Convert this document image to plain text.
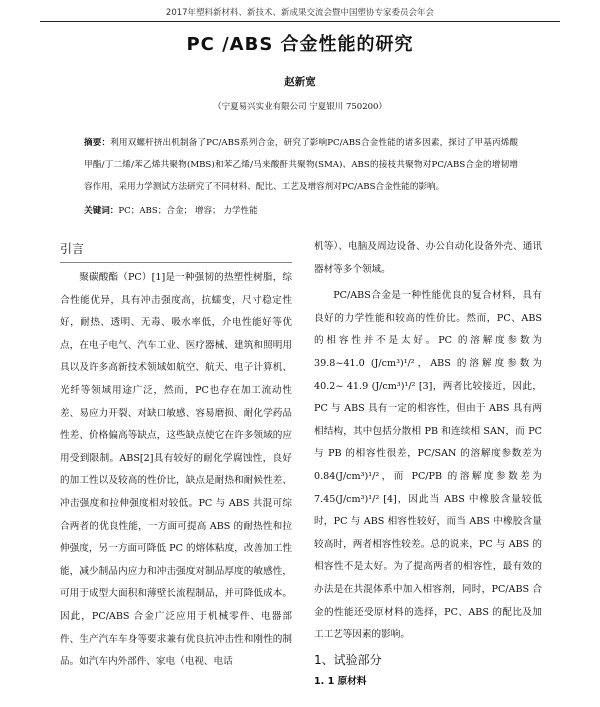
2017年塑料新材料、新技术、新成果交流会暨中国塑协专家委员会年会
PC /ABS 合金性能的研究
赵新宽
（宁夏易兴实业有限公司 宁夏银川 750200）
摘要：利用双螺杆挤出机制备了PC/ABS系列合金，研究了影响PC/ABS合金性能的诸多因素，探讨了甲基丙烯酸甲酯/丁二烯/苯乙烯共聚物(MBS)和苯乙烯/马来酸酐共聚物(SMA)、ABS的接枝共聚物对PC/ABS合金的增韧增容作用，采用力学测试方法研究了不同材料、配比、工艺及增容剂对PC/ABS合金性能的影响。
关键词：PC；ABS；合金； 增容； 力学性能
引言

聚碳酸酯（PC）[1]是一种强韧的热塑性树脂，综合性能优异，具有冲击强度高，抗蠕变，尺寸稳定性好，耐热、透明、无毒、吸水率低，介电性能好等优点，在电子电气、汽车工业、医疗器械、建筑和照明用具以及许多高新技术领域如航空、航天、电子计算机、光纤等领域用途广泛，然而，PC也存在加工流动性差、易应力开裂、对缺口敏感、容易磨损、耐化学药品性差、价格偏高等缺点，这些缺点使它在许多领域的应用受到限制。ABS[2]具有较好的耐化学腐蚀性，良好的加工性以及较高的性价比，缺点是耐热和耐候性差、冲击强度和拉伸强度相对较低。PC 与 ABS 共混可综合两者的优良性能，一方面可提高 ABS 的耐热性和拉伸强度，另一方面可降低 PC 的熔体粘度，改善加工性能，减少制品内应力和冲击强度对制品厚度的敏感性，可用于成型大面积和薄壁长流程制品，并可降低成本。因此，PC/ABS 合金广泛应用于机械零件、电器部件、生产汽车车身等要求兼有优良抗冲击性和刚性的制品。如汽车内外部件、家电（电视、电话

机等）、电脑及周边设备、办公自动化设备外壳、通讯器材等多个领域。

PC/ABS合金是一种性能优良的复合材料，具有良好的力学性能和较高的性价比。然而，PC、ABS 的相容性并不是太好。PC 的溶解度参数为 39.8~41.0 (J/cm³)¹/²，ABS 的溶解度参数为 40.2~ 41.9 (J/cm³)¹/² [3]，两者比较接近，因此，PC 与 ABS 具有一定的相容性，但由于 ABS 具有两相结构，其中包括分散相 PB 和连续相 SAN，而 PC 与 PB 的相容性很差，PC/SAN 的溶解度参数差为 0.84(J/cm³)¹/²，而 PC/PB 的溶解度参数差为 7.45(J/cm³)¹/² [4]，因此当 ABS 中橡胶含量较低时，PC 与 ABS 相容性较好，而当 ABS 中橡胶含量较高时，两者相容性较差。总的说来，PC 与 ABS 的相容性不是太好。为了提高两者的相容性，最有效的办法是在共混体系中加入相容剂，同时，PC/ABS 合金的性能还受原材料的选择，PC、ABS 的配比及加工工艺等因素的影响。

1、试验部分
1. 1 原材料
